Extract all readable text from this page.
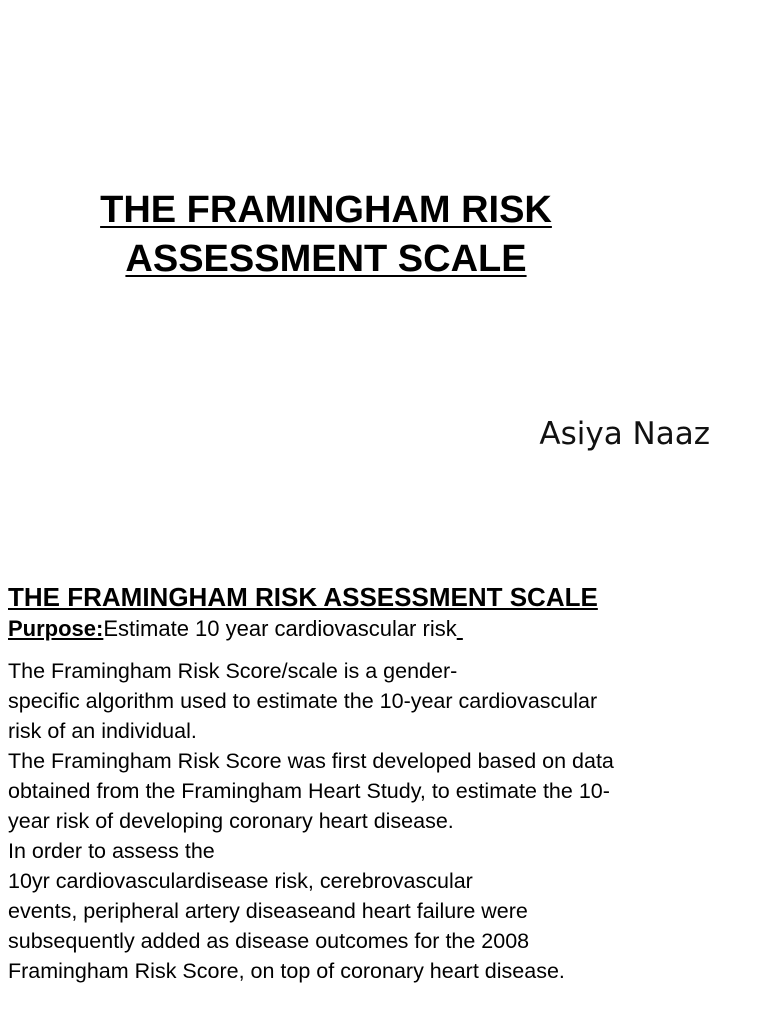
THE FRAMINGHAM RISK
ASSESSMENT SCALE

Asiya Naaz

THE FRAMINGHAM RISK ASSESSMENT SCALE

Purpose:Estimate 10 year cardiovascular risk

The Framingham Risk Score/scale is a gender-
specific algorithm used to estimate the 10-year cardiovascular
risk of an individual.
The Framingham Risk Score was first developed based on data
obtained from the Framingham Heart Study, to estimate the 10-
year risk of developing coronary heart disease.
In order to assess the
10yr cardiovasculardisease risk, cerebrovascular
events, peripheral artery diseaseand heart failure were
subsequently added as disease outcomes for the 2008
Framingham Risk Score, on top of coronary heart disease.
